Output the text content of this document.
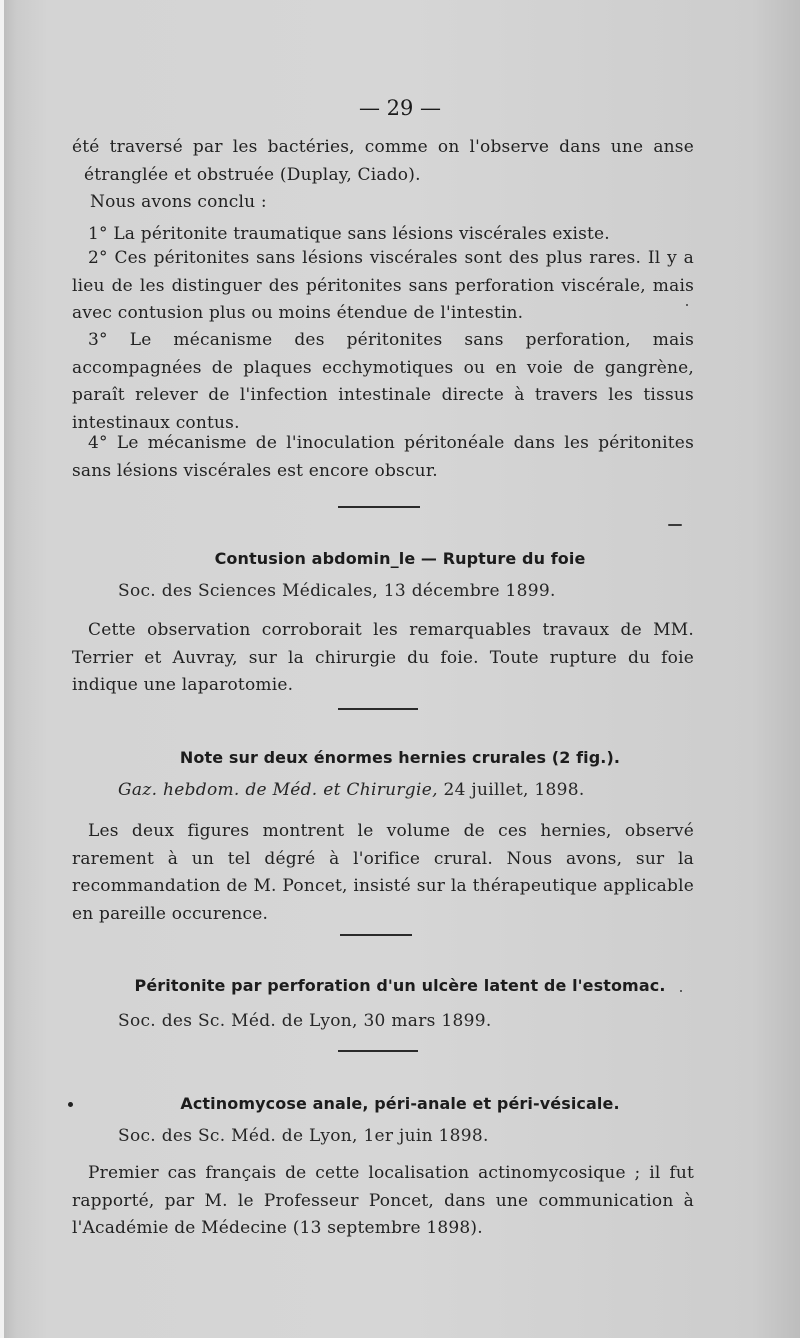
— 29 —

été traversé par les bactéries, comme on l'observe dans une anse étranglée et obstruée (Duplay, Ciado).

Nous avons conclu :

1° La péritonite traumatique sans lésions viscérales existe.

2° Ces péritonites sans lésions viscérales sont des plus rares. Il y a lieu de les distinguer des péritonites sans perforation viscérale, mais avec contusion plus ou moins étendue de l'intestin.

3° Le mécanisme des péritonites sans perforation, mais accompagnées de plaques ecchymotiques ou en voie de gangrène, paraît relever de l'infection intestinale directe à travers les tissus intestinaux contus.

4° Le mécanisme de l'inoculation péritonéale dans les péritonites sans lésions viscérales est encore obscur.

Contusion abdomin_le — Rupture du foie

Soc. des Sciences Médicales, 13 décembre 1899.

Cette observation corroborait les remarquables travaux de MM. Terrier et Auvray, sur la chirurgie du foie. Toute rupture du foie indique une laparotomie.

Note sur deux énormes hernies crurales (2 fig.).

Gaz. hebdom. de Méd. et Chirurgie, 24 juillet, 1898.

Les deux figures montrent le volume de ces hernies, observé rarement à un tel dégré à l'orifice crural. Nous avons, sur la recommandation de M. Poncet, insisté sur la thérapeutique applicable en pareille occurence.

Péritonite par perforation d'un ulcère latent de l'estomac.

Soc. des Sc. Méd. de Lyon, 30 mars 1899.

Actinomycose anale, péri-anale et péri-vésicale.

Soc. des Sc. Méd. de Lyon, 1er juin 1898.

Premier cas français de cette localisation actinomycosique ; il fut rapporté, par M. le Professeur Poncet, dans une communication à l'Académie de Médecine (13 septembre 1898).
